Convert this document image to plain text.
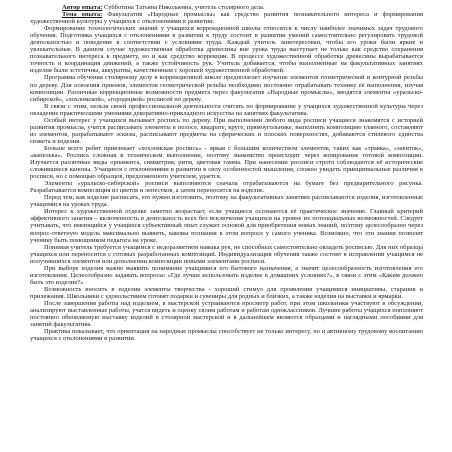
Автор опыта: Субботина Татьяна Николаевна, учитель столярного дела.

Тема опыта: Факультатив «Народные промыслы» как средство развития познавательного интереса и формирования художественной культуры у учащихся с отклонениями в развитии.

Формирование технологических знаний у учащихся коррекционной школы относится к числу наиболее значимых задач трудового обучения. Подготовка учащихся с отклонениями в развитии к труду состоит в развитии умений самостоятельно регулировать трудовой деятельностью и поведение в соответствии с условиями труда. Каждый учитель заинтересован, чтобы его уроки были яркие и увлекательные. В данном случае художественная обработка древесины вне урока труда выступает не только как средство сохранения познавательного интереса к предмету, но и как средство коррекции. В процессе художественной обработки древесины вырабатывается точность и координация движений, а также устойчивость рук. Учитель добивается, чтобы выполненные на факультативных занятиях изделия были эстетичны, аккуратны, качественным с хорошей художественной обработкой.

Программа обучения столярному делу в коррекционной школе предполагает изучение элементов геометрической и контурной резьбы по дереву. Для освоения приемов, элементов геометрической резьбы необходимо постоянно отрабатывать технику её выполнения, изучая композиции. Различные коррекционные возможности предмета через факультатив «Народные промыслы», вводятся элементы «уральско-сибирской», «хохломской», «городецкой» росписей по дереву.

В связи с этим, нельзя своей профессиональной деятельности считать по формирование у учащихся художественной культуры через овладение практическими умениями декоративно-прикладного искусства на занятиях факультатива.

Особый интерес у учащихся вызывает роспись по дереву. При выполнении любого вида росписи учащиеся знакомятся с историей развития промысла, учатся расписывать элементы в полосе, квадрате, круге, прямоугольнике, выполнять композицию главного, составляют из элементов, разрабатывают эскизы, расписывают предметы на сферических и плоских поверхностях, добиваются стилевого единства сюжета и изделия.

Больше всего ребят привлекает «хохломская роспись» - яркая с большим количеством элементов, таких как «травка», «завиток», «капелька». Роспись сложная в техническом выполнении, поэтому знакомство происходит через копирование готовой композиции. Изучается различные виды орнамента, симметрия, ритм, цветовая гамма. При нанесении росписи строго соблюдаются её исторические сложившиеся каноны. Учащиеся с отклонениями в развитии в силу особенностей мышления, сложно увидеть принципиальные различия в росписи, но с помощью образцов, предложенного учителем, удается.

Элементы «уральско-сибирской» росписи выполняются сначала отрабатываются на бумаге без предварительного рисунка. Разрабатывается композиция из цветов и лепестков, а затем переносится на изделие.

Перед тем, как изделие расписать, его нужно изготовить, поэтому на факультативных занятиях расписываются изделия, изготовленные учащимися на уроках труда.

Интерес к художественной отделке заметно возрастает, если учащиеся осознаются её практическое значение. Главный критерий эффективного занятия – включенность в деятельность всех без исключения учащихся на уровне их потенциальных возможностей. Следует учитывать, что имеющийся у учащихся субъективный опыт служит основой для приобретения новых знаний, поэтому целесообразно через вопрос-ответную модель максимально выявить, каковы познания в этом вопросе у самого ученика. Возможно, что эти знания позволят ученику быть помощником педагога на уроке.

Понимая учитель требуется учащимся с недоразвитием навыка рук, не способных самостоятельно овладеть росписью. Для них образцы учащихся или переносится с готовых разработанных композиций. Индивидуализация обучения также состоит в исправлении учащимся не получившихся элементов или дополнении композиции новыми элементами росписи.

При выборе изделия важно выявить понимание учащимися его бытового назначения, а значит целесообразность изготовления его изготовления. Целесообразно задавать вопросы: «Где лучше использовать изделие в домашних условиях?», в связи с этим «Каким должно быть это изделие?»

Возможность вносить в изделия элементы творчества - хороший стимул для проявления учащимися инициативы, старания и прилежания. Школьники с удовольствием готовят подарки и сувениры для родных и близких, а также изделия на выставки и ярмарки.

После завершения работы над изделием, в мастерской устраиваются просмотр работ, при этом школьники участвуют в обсуждении, анализируют выставленные работы, учатся видеть и оценку своим работам и работам одноклассников. Лучшие работы учащихся пополняют постоянно обновляемую выставку изделий в столярной мастерской и в дальнейшем являются образцами и наглядными пособиями для занятий факультатива.

Практика показывает, что ориентация на народные промыслы способствует не только интересу, но и активному трудовому воспитанию учащихся с отклонениями в развитии.
